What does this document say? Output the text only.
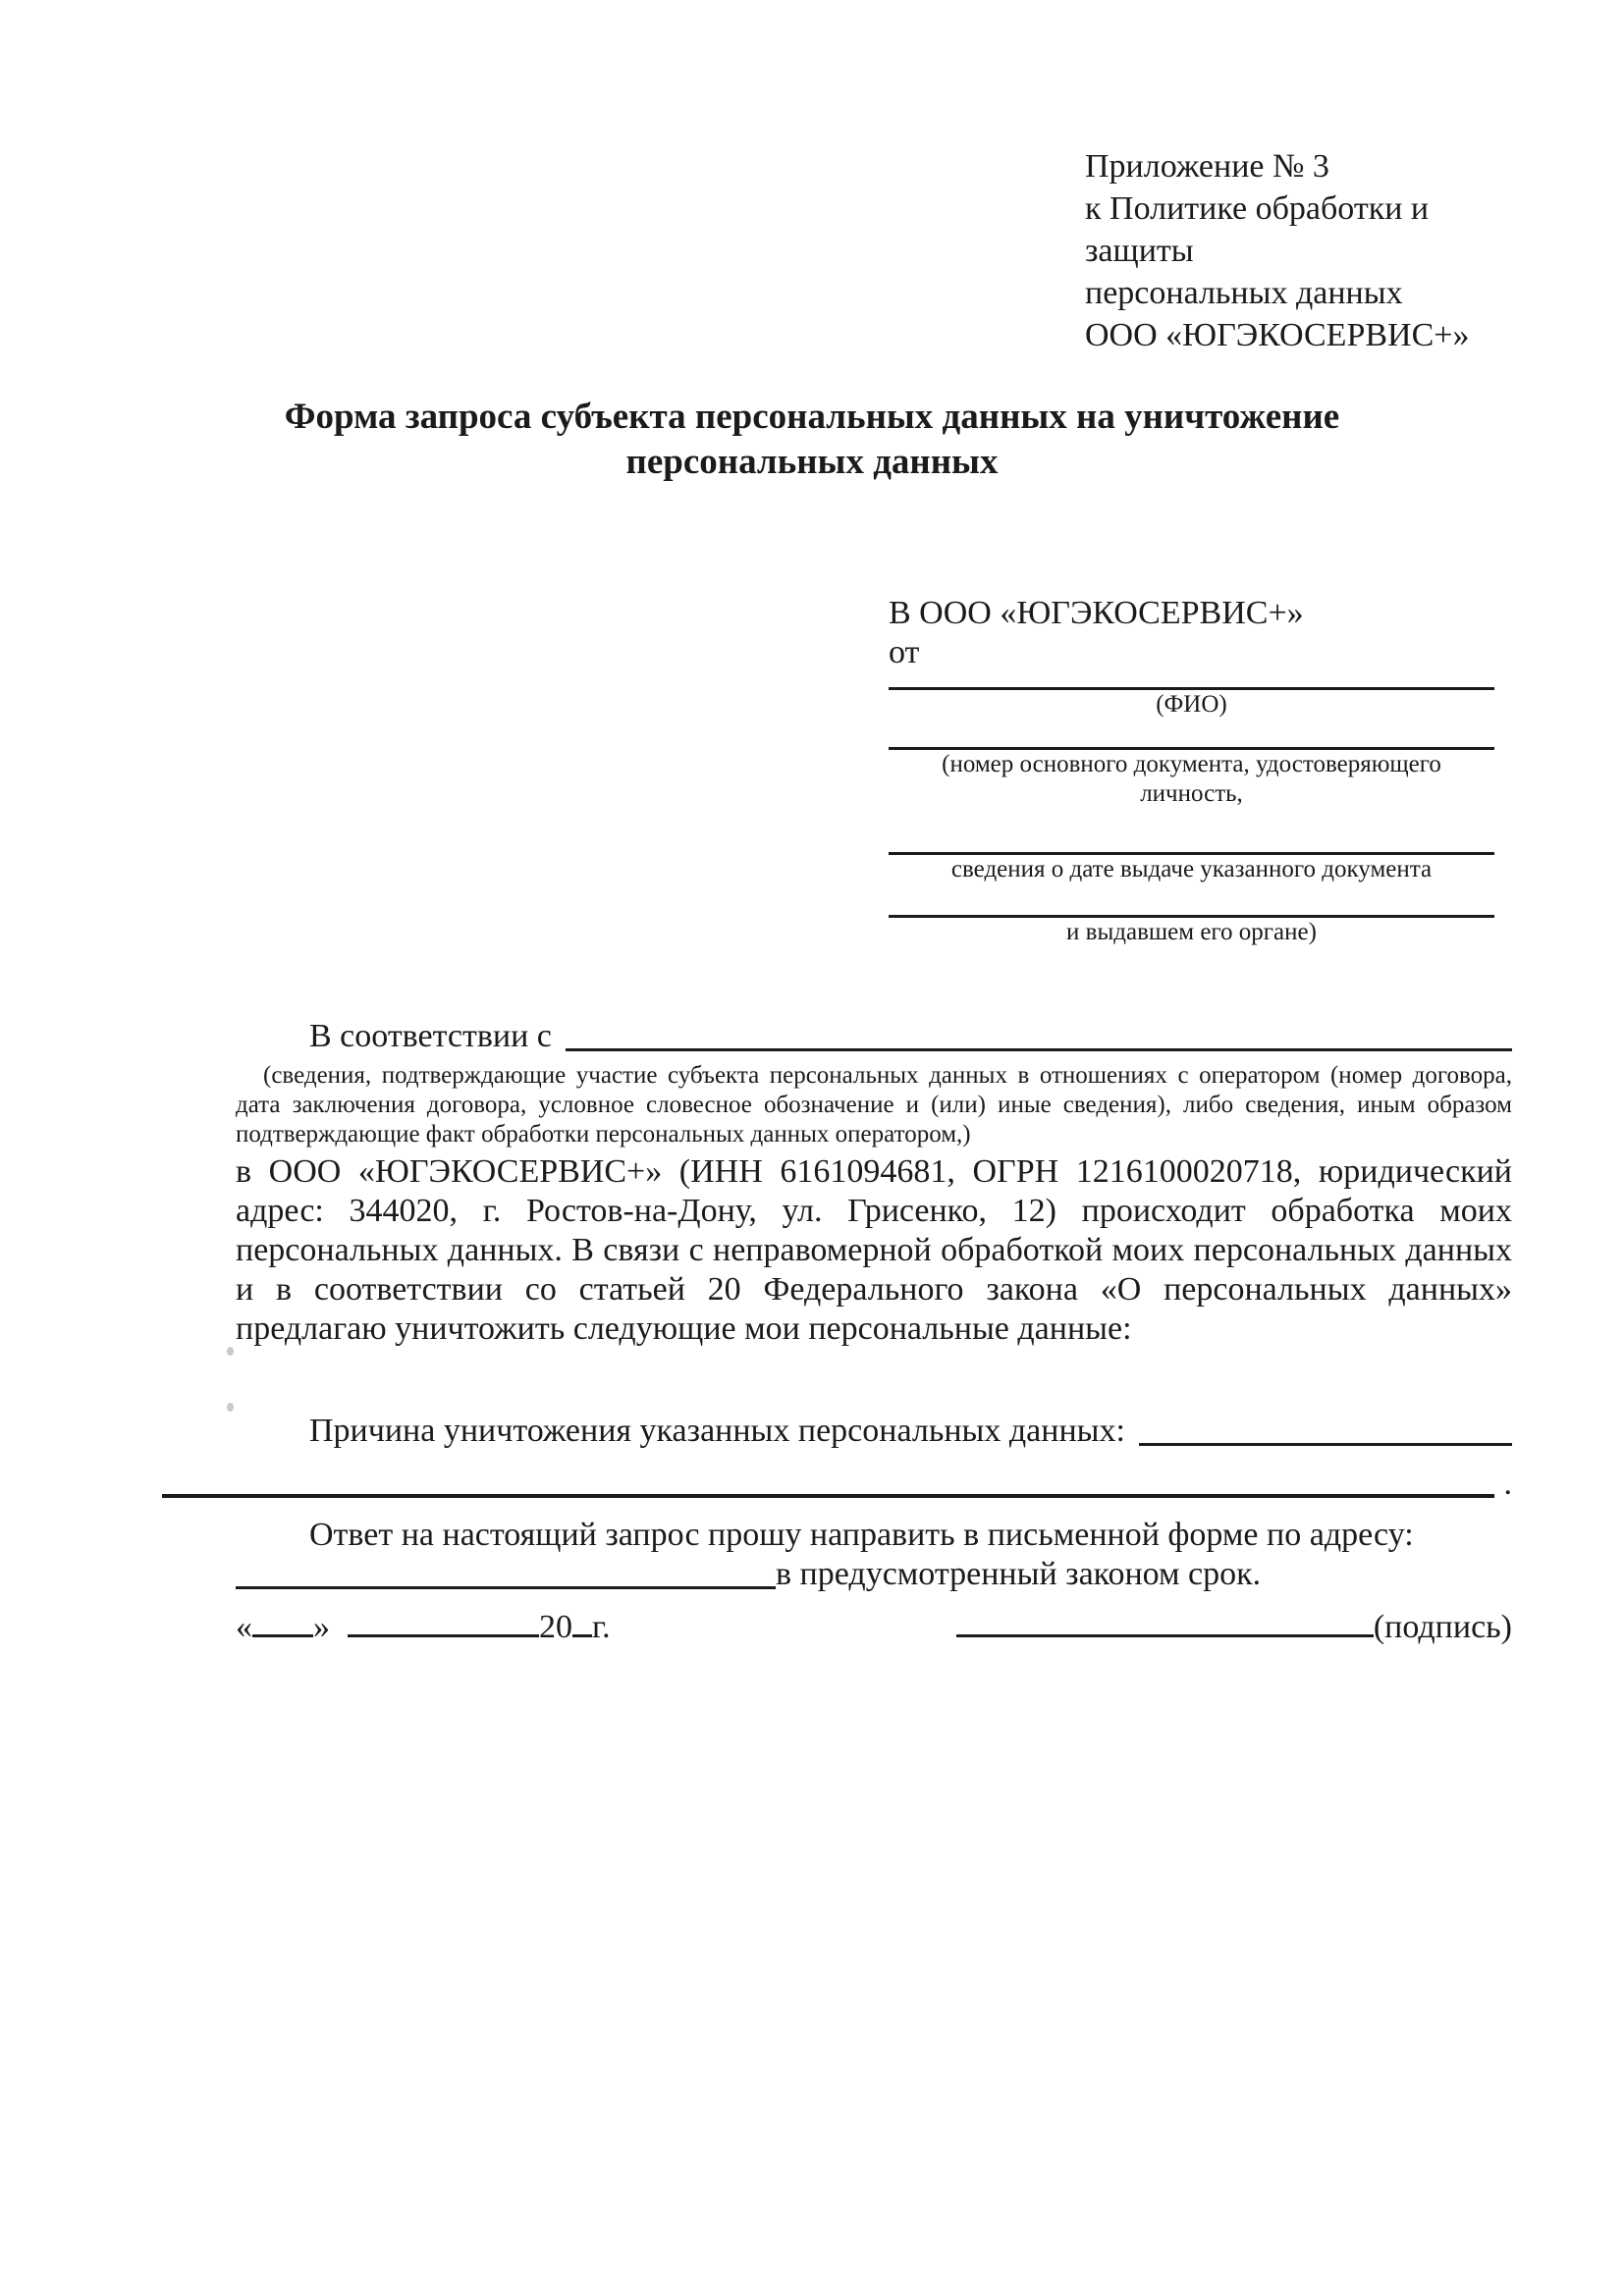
Приложение № 3
к Политике обработки и защиты
персональных данных
ООО «ЮГЭКОСЕРВИС+»
Форма запроса субъекта персональных данных на уничтожение персональных данных
В ООО «ЮГЭКОСЕРВИС+»
от
(ФИО)
(номер основного документа, удостоверяющего личность,
сведения о дате выдаче указанного документа
и выдавшем его органе)
В соответствии с
(сведения, подтверждающие участие субъекта персональных данных в отношениях с оператором (номер договора, дата заключения договора, условное словесное обозначение и (или) иные сведения), либо сведения, иным образом подтверждающие факт обработки персональных данных оператором,)
в ООО «ЮГЭКОСЕРВИС+» (ИНН 6161094681, ОГРН 1216100020718, юридический адрес: 344020, г. Ростов-на-Дону, ул. Грисенко, 12) происходит обработка моих персональных данных. В связи с неправомерной обработкой моих персональных данных и в соответствии со статьей 20 Федерального закона «О персональных данных» предлагаю уничтожить следующие мои персональные данные:
Причина уничтожения указанных персональных данных:
.
Ответ на настоящий запрос прошу направить в письменной форме по адресу:
в предусмотренный законом срок.
« »	20 г.	(подпись)
